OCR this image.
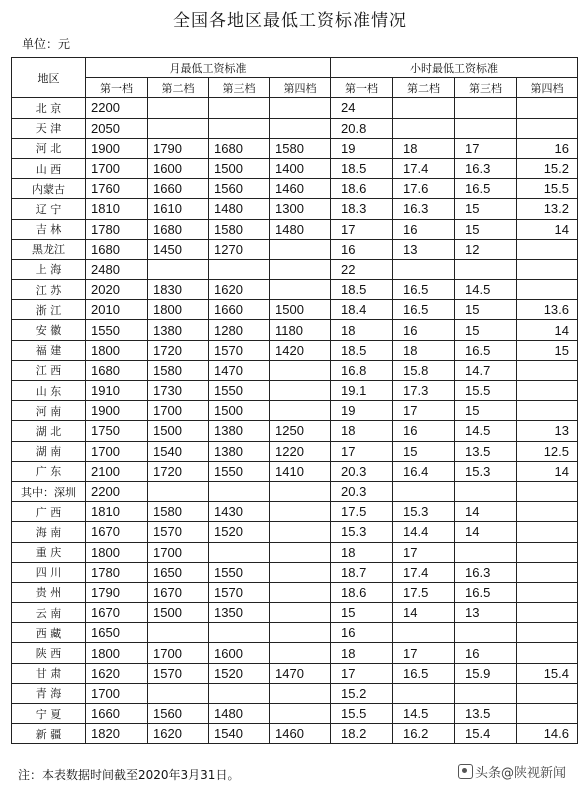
全国各地区最低工资标准情况
单位：元
地区	月最低工资标准				小时最低工资标准			
	第一档	第二档	第三档	第四档	第一档	第二档	第三档	第四档
北 京	2200				24			
天 津	2050				20.8			
河 北	1900	1790	1680	1580	19	18	17	16
山 西	1700	1600	1500	1400	18.5	17.4	16.3	15.2
内蒙古	1760	1660	1560	1460	18.6	17.6	16.5	15.5
辽 宁	1810	1610	1480	1300	18.3	16.3	15	13.2
吉 林	1780	1680	1580	1480	17	16	15	14
黑龙江	1680	1450	1270		16	13	12	
上 海	2480				22			
江 苏	2020	1830	1620		18.5	16.5	14.5	
浙 江	2010	1800	1660	1500	18.4	16.5	15	13.6
安 徽	1550	1380	1280	1180	18	16	15	14
福 建	1800	1720	1570	1420	18.5	18	16.5	15
江 西	1680	1580	1470		16.8	15.8	14.7	
山 东	1910	1730	1550		19.1	17.3	15.5	
河 南	1900	1700	1500		19	17	15	
湖 北	1750	1500	1380	1250	18	16	14.5	13
湖 南	1700	1540	1380	1220	17	15	13.5	12.5
广 东	2100	1720	1550	1410	20.3	16.4	15.3	14
其中：深圳	2200				20.3			
广 西	1810	1580	1430		17.5	15.3	14	
海 南	1670	1570	1520		15.3	14.4	14	
重 庆	1800	1700			18	17		
四 川	1780	1650	1550		18.7	17.4	16.3	
贵 州	1790	1670	1570		18.6	17.5	16.5	
云 南	1670	1500	1350		15	14	13	
西 藏	1650				16			
陕 西	1800	1700	1600		18	17	16	
甘 肃	1620	1570	1520	1470	17	16.5	15.9	15.4
青 海	1700				15.2			
宁 夏	1660	1560	1480		15.5	14.5	13.5	
新 疆	1820	1620	1540	1460	18.2	16.2	15.4	14.6
注：本表数据时间截至2020年3月31日。	头条@陕视新闻
